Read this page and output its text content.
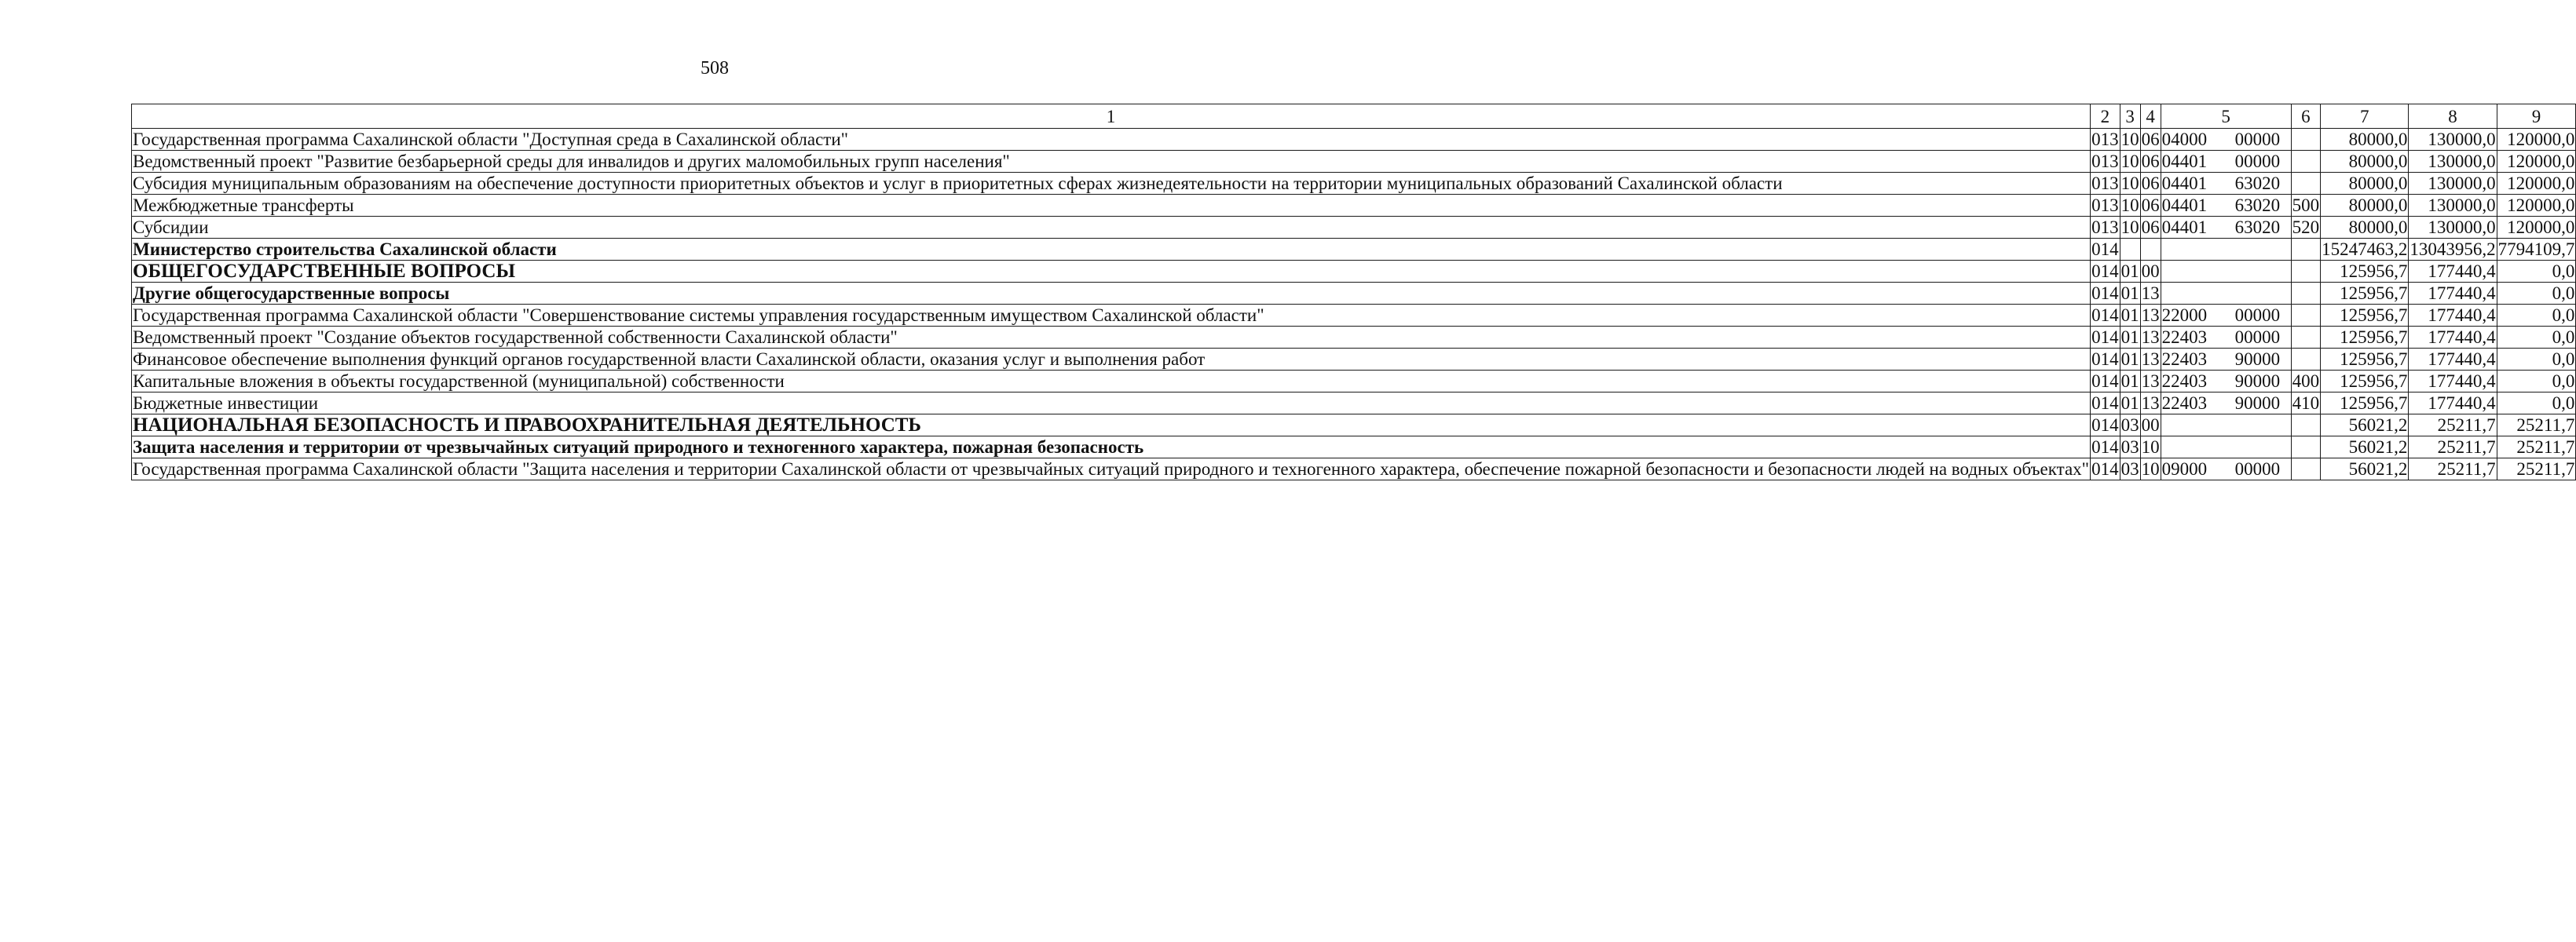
508
1	2	3	4	5	6	7	8	9
Государственная программа Сахалинской области "Доступная среда в Сахалинской области"	013	10	06	04000 00000		80000,0	130000,0	120000,0
Ведомственный проект "Развитие безбарьерной среды для инвалидов и других маломобильных групп населения"	013	10	06	04401 00000		80000,0	130000,0	120000,0
Субсидия муниципальным образованиям на обеспечение доступности приоритетных объектов и услуг в приоритетных сферах жизнедеятельности на территории муниципальных образований Сахалинской области	013	10	06	04401 63020		80000,0	130000,0	120000,0
Межбюджетные трансферты	013	10	06	04401 63020	500	80000,0	130000,0	120000,0
Субсидии	013	10	06	04401 63020	520	80000,0	130000,0	120000,0
Министерство строительства Сахалинской области	014					15247463,2	13043956,2	7794109,7
ОБЩЕГОСУДАРСТВЕННЫЕ ВОПРОСЫ	014	01	00			125956,7	177440,4	0,0
Другие общегосударственные вопросы	014	01	13			125956,7	177440,4	0,0
Государственная программа Сахалинской области "Совершенствование системы управления государственным имуществом Сахалинской области"	014	01	13	22000 00000		125956,7	177440,4	0,0
Ведомственный проект "Создание объектов государственной собственности Сахалинской области"	014	01	13	22403 00000		125956,7	177440,4	0,0
Финансовое обеспечение выполнения функций органов государственной власти Сахалинской области, оказания услуг и выполнения работ	014	01	13	22403 90000		125956,7	177440,4	0,0
Капитальные вложения в объекты государственной (муниципальной) собственности	014	01	13	22403 90000	400	125956,7	177440,4	0,0
Бюджетные инвестиции	014	01	13	22403 90000	410	125956,7	177440,4	0,0
НАЦИОНАЛЬНАЯ БЕЗОПАСНОСТЬ И ПРАВООХРАНИТЕЛЬНАЯ ДЕЯТЕЛЬНОСТЬ	014	03	00			56021,2	25211,7	25211,7
Защита населения и территории от чрезвычайных ситуаций природного и техногенного характера, пожарная безопасность	014	03	10			56021,2	25211,7	25211,7
Государственная программа Сахалинской области "Защита населения и территории Сахалинской области от чрезвычайных ситуаций природного и техногенного характера, обеспечение пожарной безопасности и безопасности людей на водных объектах"	014	03	10	09000 00000		56021,2	25211,7	25211,7
